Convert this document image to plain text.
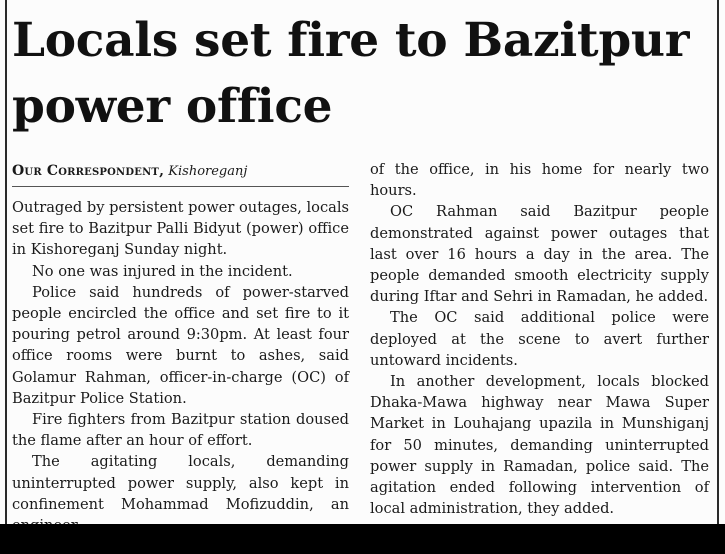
Locals set fire to Bazitpur power office
Our Correspondent, Kishoreganj

Outraged by persistent power outages, locals set fire to Bazitpur Palli Bidyut (power) office in Kishoreganj Sunday night.

No one was injured in the incident.

Police said hundreds of power-starved people encircled the office and set fire to it pouring petrol around 9:30pm. At least four office rooms were burnt to ashes, said Golamur Rahman, officer-in-charge (OC) of Bazitpur Police Station.

Fire fighters from Bazitpur station doused the flame after an hour of effort.

The agitating locals, demanding uninterrupted power supply, also kept in confinement Mohammad Mofizuddin, an

of the office, in his home for nearly two hours.

OC Rahman said Bazitpur people demonstrated against power outages that last over 16 hours a day in the area. The people demanded smooth electricity supply during Iftar and Sehri in Ramadan, he added.

The OC said additional police were deployed at the scene to avert further untoward incidents.

In another development, locals blocked Dhaka-Mawa highway near Mawa Super Market in Louhajang upazila in Munshiganj for 50 minutes, demanding uninterrupted power supply in Ramadan, police said. The agitation ended following intervention of local administration, they added.
